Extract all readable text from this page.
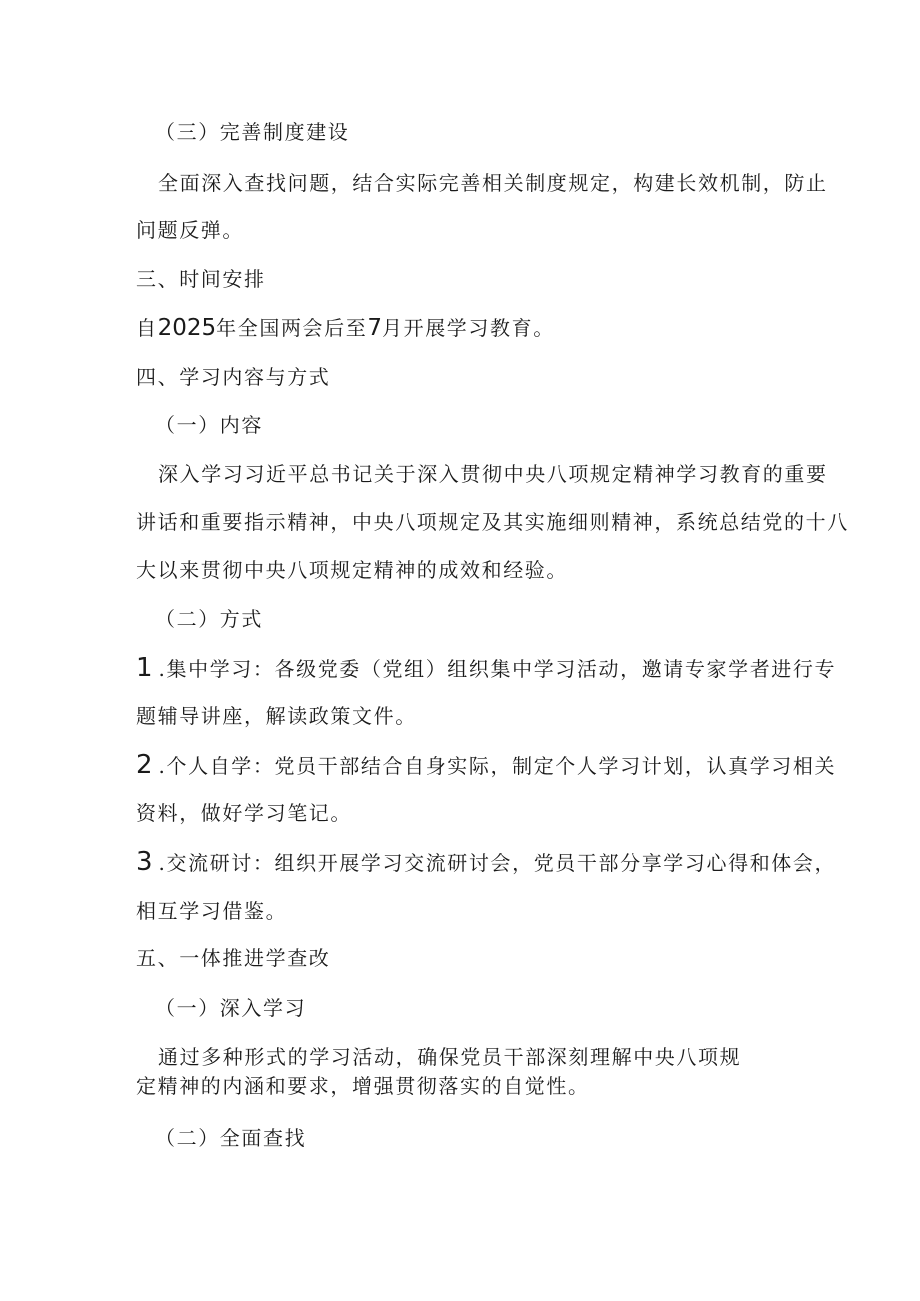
（三）完善制度建设
全面深入查找问题，结合实际完善相关制度规定，构建长效机制，防止
问题反弹。
三、时间安排
自2025年全国两会后至7月开展学习教育。
四、学习内容与方式
（一）内容
深入学习习近平总书记关于深入贯彻中央八项规定精神学习教育的重要
讲话和重要指示精神，中央八项规定及其实施细则精神，系统总结党的十八
大以来贯彻中央八项规定精神的成效和经验。
（二）方式
1 .集中学习：各级党委（党组）组织集中学习活动，邀请专家学者进行专
题辅导讲座，解读政策文件。
2 .个人自学：党员干部结合自身实际，制定个人学习计划，认真学习相关
资料，做好学习笔记。
3 .交流研讨：组织开展学习交流研讨会，党员干部分享学习心得和体会，
相互学习借鉴。
五、一体推进学查改
（一）深入学习
通过多种形式的学习活动，确保党员干部深刻理解中央八项规
定精神的内涵和要求，增强贯彻落实的自觉性。
（二）全面查找
